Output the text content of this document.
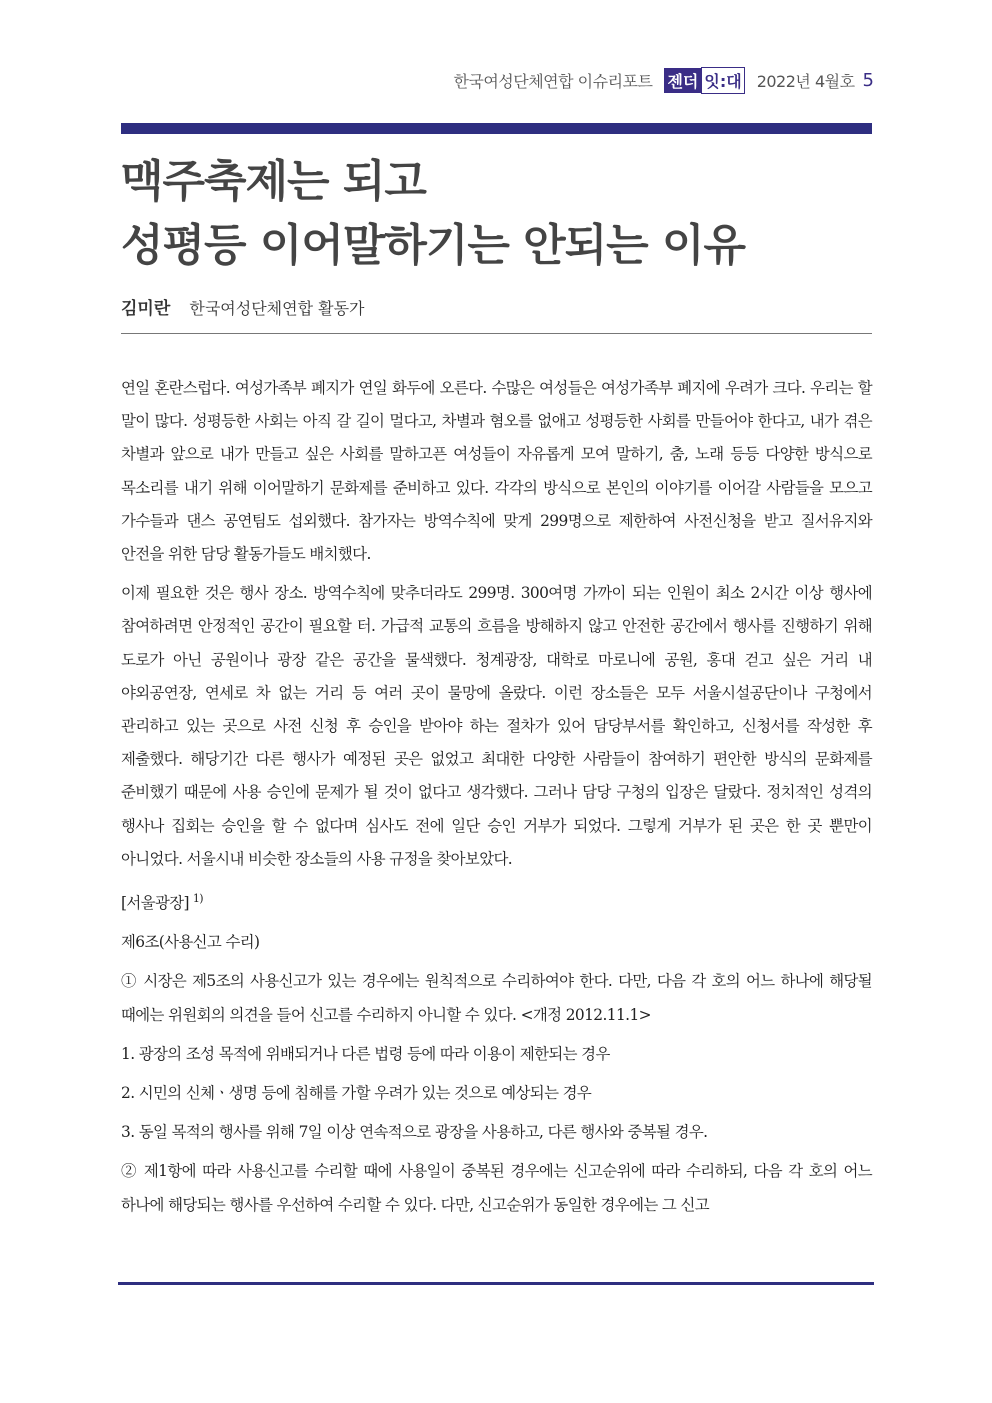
한국여성단체연합 이슈리포트 젠더 잇:대 2022년 4월호 5
맥주축제는 되고
성평등 이어말하기는 안되는 이유
김미란 한국여성단체연합 활동가

연일 혼란스럽다. 여성가족부 폐지가 연일 화두에 오른다. 수많은 여성들은 여성가족부 폐지에 우려가 크다. 우리는 할 말이 많다. 성평등한 사회는 아직 갈 길이 멀다고, 차별과 혐오를 없애고 성평등한 사회를 만들어야 한다고, 내가 겪은 차별과 앞으로 내가 만들고 싶은 사회를 말하고픈 여성들이 자유롭게 모여 말하기, 춤, 노래 등등 다양한 방식으로 목소리를 내기 위해 이어말하기 문화제를 준비하고 있다. 각각의 방식으로 본인의 이야기를 이어갈 사람들을 모으고 가수들과 댄스 공연팀도 섭외했다. 참가자는 방역수칙에 맞게 299명으로 제한하여 사전신청을 받고 질서유지와 안전을 위한 담당 활동가들도 배치했다.

이제 필요한 것은 행사 장소. 방역수칙에 맞추더라도 299명. 300여명 가까이 되는 인원이 최소 2시간 이상 행사에 참여하려면 안정적인 공간이 필요할 터. 가급적 교통의 흐름을 방해하지 않고 안전한 공간에서 행사를 진행하기 위해 도로가 아닌 공원이나 광장 같은 공간을 물색했다. 청계광장, 대학로 마로니에 공원, 홍대 걷고 싶은 거리 내 야외공연장, 연세로 차 없는 거리 등 여러 곳이 물망에 올랐다. 이런 장소들은 모두 서울시설공단이나 구청에서 관리하고 있는 곳으로 사전 신청 후 승인을 받아야 하는 절차가 있어 담당부서를 확인하고, 신청서를 작성한 후 제출했다. 해당기간 다른 행사가 예정된 곳은 없었고 최대한 다양한 사람들이 참여하기 편안한 방식의 문화제를 준비했기 때문에 사용 승인에 문제가 될 것이 없다고 생각했다. 그러나 담당 구청의 입장은 달랐다. 정치적인 성격의 행사나 집회는 승인을 할 수 없다며 심사도 전에 일단 승인 거부가 되었다. 그렇게 거부가 된 곳은 한 곳 뿐만이 아니었다. 서울시내 비슷한 장소들의 사용 규정을 찾아보았다.

[서울광장] $^{1)}$

제6조(사용신고 수리)

① 시장은 제5조의 사용신고가 있는 경우에는 원칙적으로 수리하여야 한다. 다만, 다음 각 호의 어느 하나에 해당될 때에는 위원회의 의견을 들어 신고를 수리하지 아니할 수 있다. <개정 2012.11.1>

1. 광장의 조성 목적에 위배되거나 다른 법령 등에 따라 이용이 제한되는 경우

2. 시민의 신체ㆍ생명 등에 침해를 가할 우려가 있는 것으로 예상되는 경우

3. 동일 목적의 행사를 위해 7일 이상 연속적으로 광장을 사용하고, 다른 행사와 중복될 경우.

② 제1항에 따라 사용신고를 수리할 때에 사용일이 중복된 경우에는 신고순위에 따라 수리하되, 다음 각 호의 어느 하나에 해당되는 행사를 우선하여 수리할 수 있다. 다만, 신고순위가 동일한 경우에는 그 신고
